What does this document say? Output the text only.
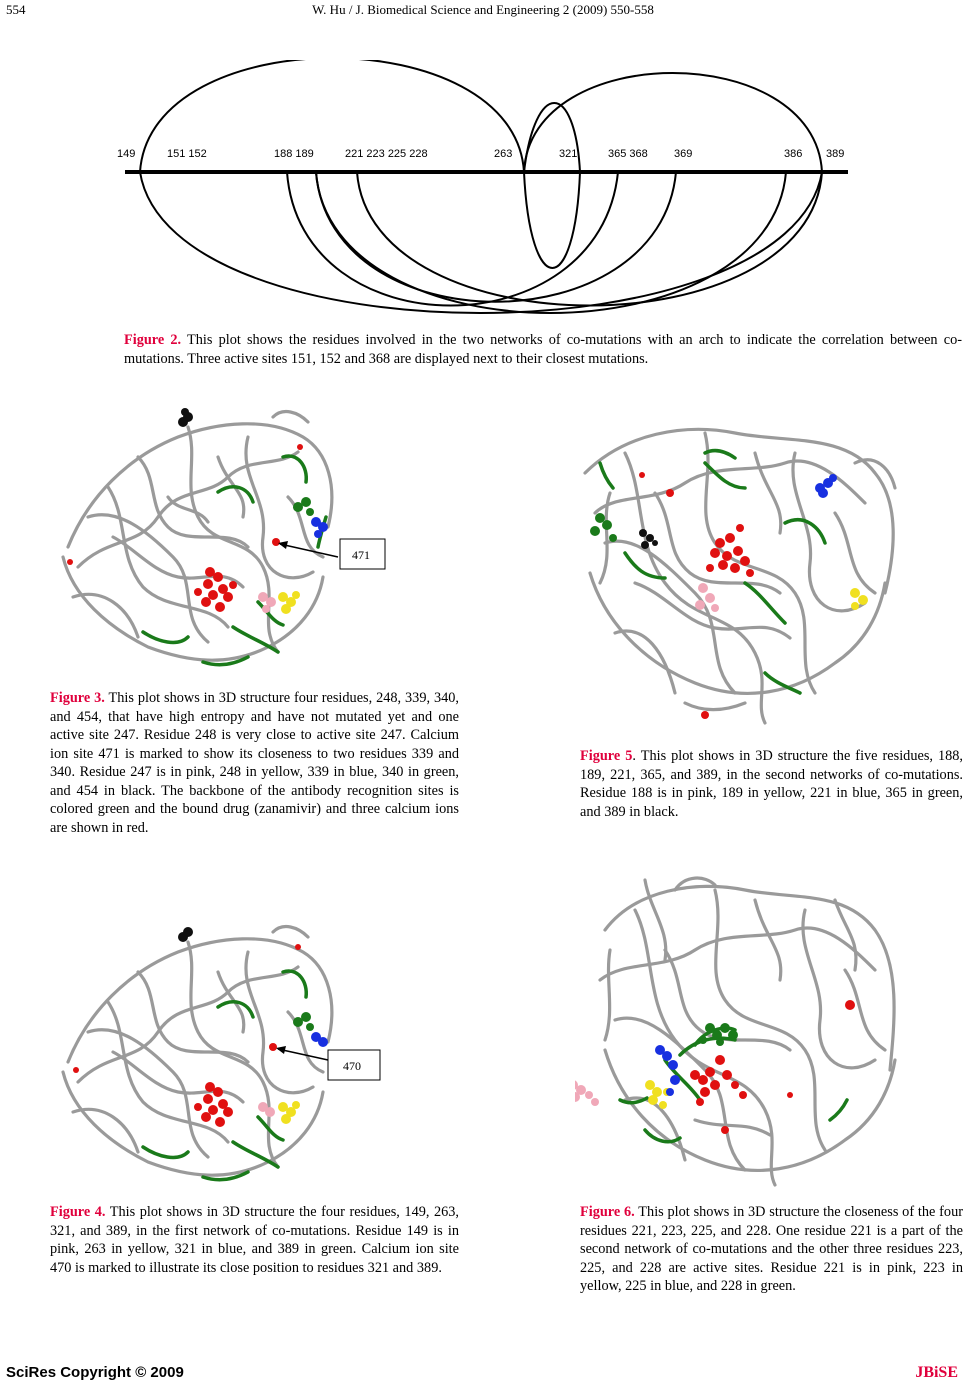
554	W. Hu / J. Biomedical Science and Engineering 2 (2009) 550-558
149	151 152	188 189	221 223 225 228	263	321	365 368 369	386 389
Figure 2. This plot shows the residues involved in the two networks of co-mutations with an arch to indicate the correlation between co-mutations. Three active sites 151, 152 and 368 are displayed next to their closest mutations.
471
Figure 3. This plot shows in 3D structure four residues, 248, 339, 340, and 454, that have high entropy and have not mutated yet and one active site 247. Residue 248 is very close to active site 247. Calcium ion site 471 is marked to show its closeness to two residues 339 and 340. Residue 247 is in pink, 248 in yellow, 339 in blue, 340 in green, and 454 in black. The backbone of the antibody recognition sites is colored green and the bound drug (zanamivir) and three calcium ions are shown in red.
470
Figure 4. This plot shows in 3D structure the four residues, 149, 263, 321, and 389, in the first network of co-mutations. Residue 149 is in pink, 263 in yellow, 321 in blue, and 389 in green. Calcium ion site 470 is marked to illustrate its close position to residues 321 and 389.
Figure 5. This plot shows in 3D structure the five residues, 188, 189, 221, 365, and 389, in the second networks of co-mutations. Residue 188 is in pink, 189 in yellow, 221 in blue, 365 in green, and 389 in black.
Figure 6. This plot shows in 3D structure the closeness of the four residues 221, 223, 225, and 228. One residue 221 is a part of the second network of co-mutations and the other three residues 223, 225, and 228 are active sites. Residue 221 is in pink, 223 in yellow, 225 in blue, and 228 in green.
SciRes Copyright © 2009	JBiSE
